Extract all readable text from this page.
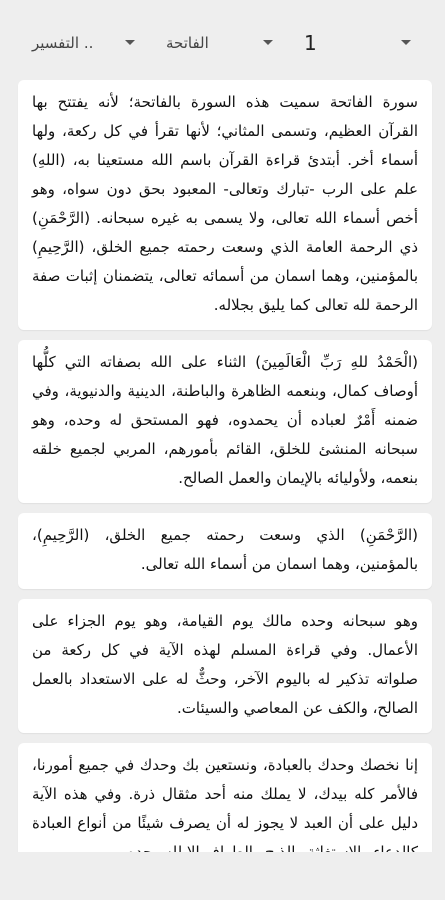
1
الفاتحة
التفسير ..

سورة الفاتحة سميت هذه السورة بالفاتحة؛ لأنه يفتتح بها القرآن العظيم، وتسمى المثاني؛ لأنها تقرأ في كل ركعة، ولها أسماء أخر. أبتدئ قراءة القرآن باسم الله مستعينا به، (اللهِ) علم على الرب -تبارك وتعالى- المعبود بحق دون سواه، وهو أخص أسماء الله تعالى، ولا يسمى به غيره سبحانه. (الرَّحْمَنِ) ذي الرحمة العامة الذي وسعت رحمته جميع الخلق، (الرَّحِيمِ) بالمؤمنين، وهما اسمان من أسمائه تعالى، يتضمنان إثبات صفة الرحمة لله تعالى كما يليق بجلاله.

(الْحَمْدُ للهِ رَبِّ الْعَالَمِينَ) الثناء على الله بصفاته التي كلُّها أوصاف كمال، وبنعمه الظاهرة والباطنة، الدينية والدنيوية، وفي ضمنه أَمْرٌ لعباده أن يحمدوه، فهو المستحق له وحده، وهو سبحانه المنشئ للخلق، القائم بأمورهم، المربي لجميع خلقه بنعمه، ولأوليائه بالإيمان والعمل الصالح.

(الرَّحْمَنِ) الذي وسعت رحمته جميع الخلق، (الرَّحِيمِ)، بالمؤمنين، وهما اسمان من أسماء الله تعالى.

وهو سبحانه وحده مالك يوم القيامة، وهو يوم الجزاء على الأعمال. وفي قراءة المسلم لهذه الآية في كل ركعة من صلواته تذكير له باليوم الآخر، وحثٌّ له على الاستعداد بالعمل الصالح، والكف عن المعاصي والسيئات.

إنا نخصك وحدك بالعبادة، ونستعين بك وحدك في جميع أمورنا، فالأمر كله بيدك، لا يملك منه أحد مثقال ذرة. وفي هذه الآية دليل على أن العبد لا يجوز له أن يصرف شيئًا من أنواع العبادة
